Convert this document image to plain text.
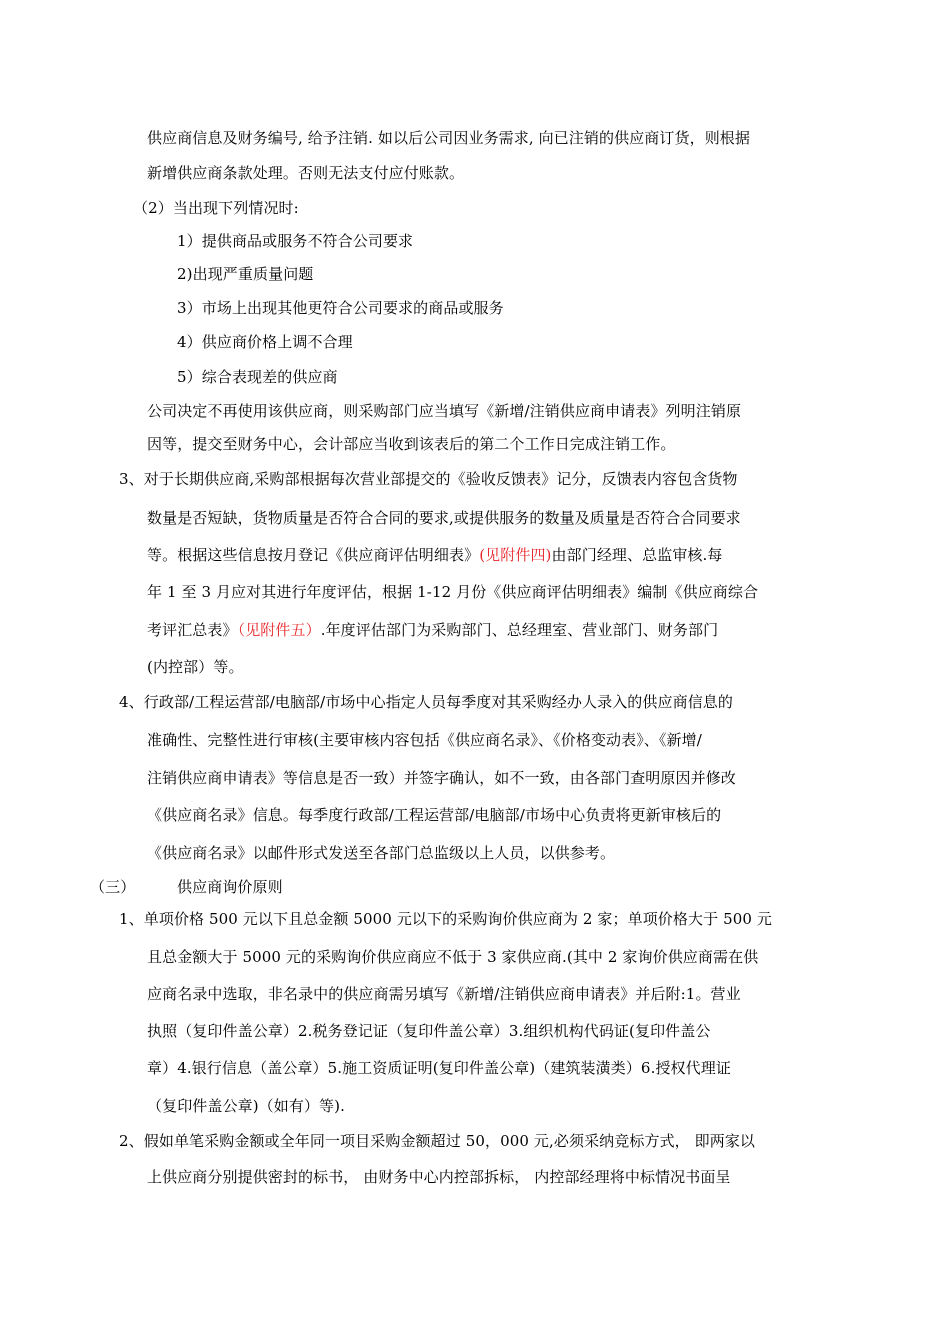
供应商信息及财务编号, 给予注销. 如以后公司因业务需求, 向已注销的供应商订货，则根据
新增供应商条款处理。否则无法支付应付账款。
（2）当出现下列情况时:
1）提供商品或服务不符合公司要求
2)出现严重质量问题
3）市场上出现其他更符合公司要求的商品或服务
4）供应商价格上调不合理
5）综合表现差的供应商
公司决定不再使用该供应商，则采购部门应当填写《新增/注销供应商申请表》列明注销原
因等，提交至财务中心，会计部应当收到该表后的第二个工作日完成注销工作。
3、对于长期供应商,采购部根据每次营业部提交的《验收反馈表》记分，反馈表内容包含货物
数量是否短缺，货物质量是否符合合同的要求,或提供服务的数量及质量是否符合合同要求
等。根据这些信息按月登记《供应商评估明细表》(见附件四)由部门经理、总监审核.每
年 1 至 3 月应对其进行年度评估，根据 1-12 月份《供应商评估明细表》编制《供应商综合
考评汇总表》（见附件五）.年度评估部门为采购部门、总经理室、营业部门、财务部门
(内控部）等。
4、行政部/工程运营部/电脑部/市场中心指定人员每季度对其采购经办人录入的供应商信息的
准确性、完整性进行审核(主要审核内容包括《供应商名录》、《价格变动表》、《新增/
注销供应商申请表》等信息是否一致）并签字确认，如不一致，由各部门查明原因并修改
《供应商名录》信息。每季度行政部/工程运营部/电脑部/市场中心负责将更新审核后的
《供应商名录》以邮件形式发送至各部门总监级以上人员，以供参考。
（三）	供应商询价原则
1、单项价格 500 元以下且总金额 5000 元以下的采购询价供应商为 2 家；单项价格大于 500 元
且总金额大于 5000 元的采购询价供应商应不低于 3 家供应商.(其中 2 家询价供应商需在供
应商名录中选取，非名录中的供应商需另填写《新增/注销供应商申请表》并后附:1。营业
执照（复印件盖公章）2.税务登记证（复印件盖公章）3.组织机构代码证(复印件盖公
章）4.银行信息（盖公章）5.施工资质证明(复印件盖公章)（建筑装潢类）6.授权代理证
（复印件盖公章)（如有）等).
2、假如单笔采购金额或全年同一项目采购金额超过 50，000 元,必须采纳竞标方式， 即两家以
上供应商分别提供密封的标书， 由财务中心内控部拆标， 内控部经理将中标情况书面呈
